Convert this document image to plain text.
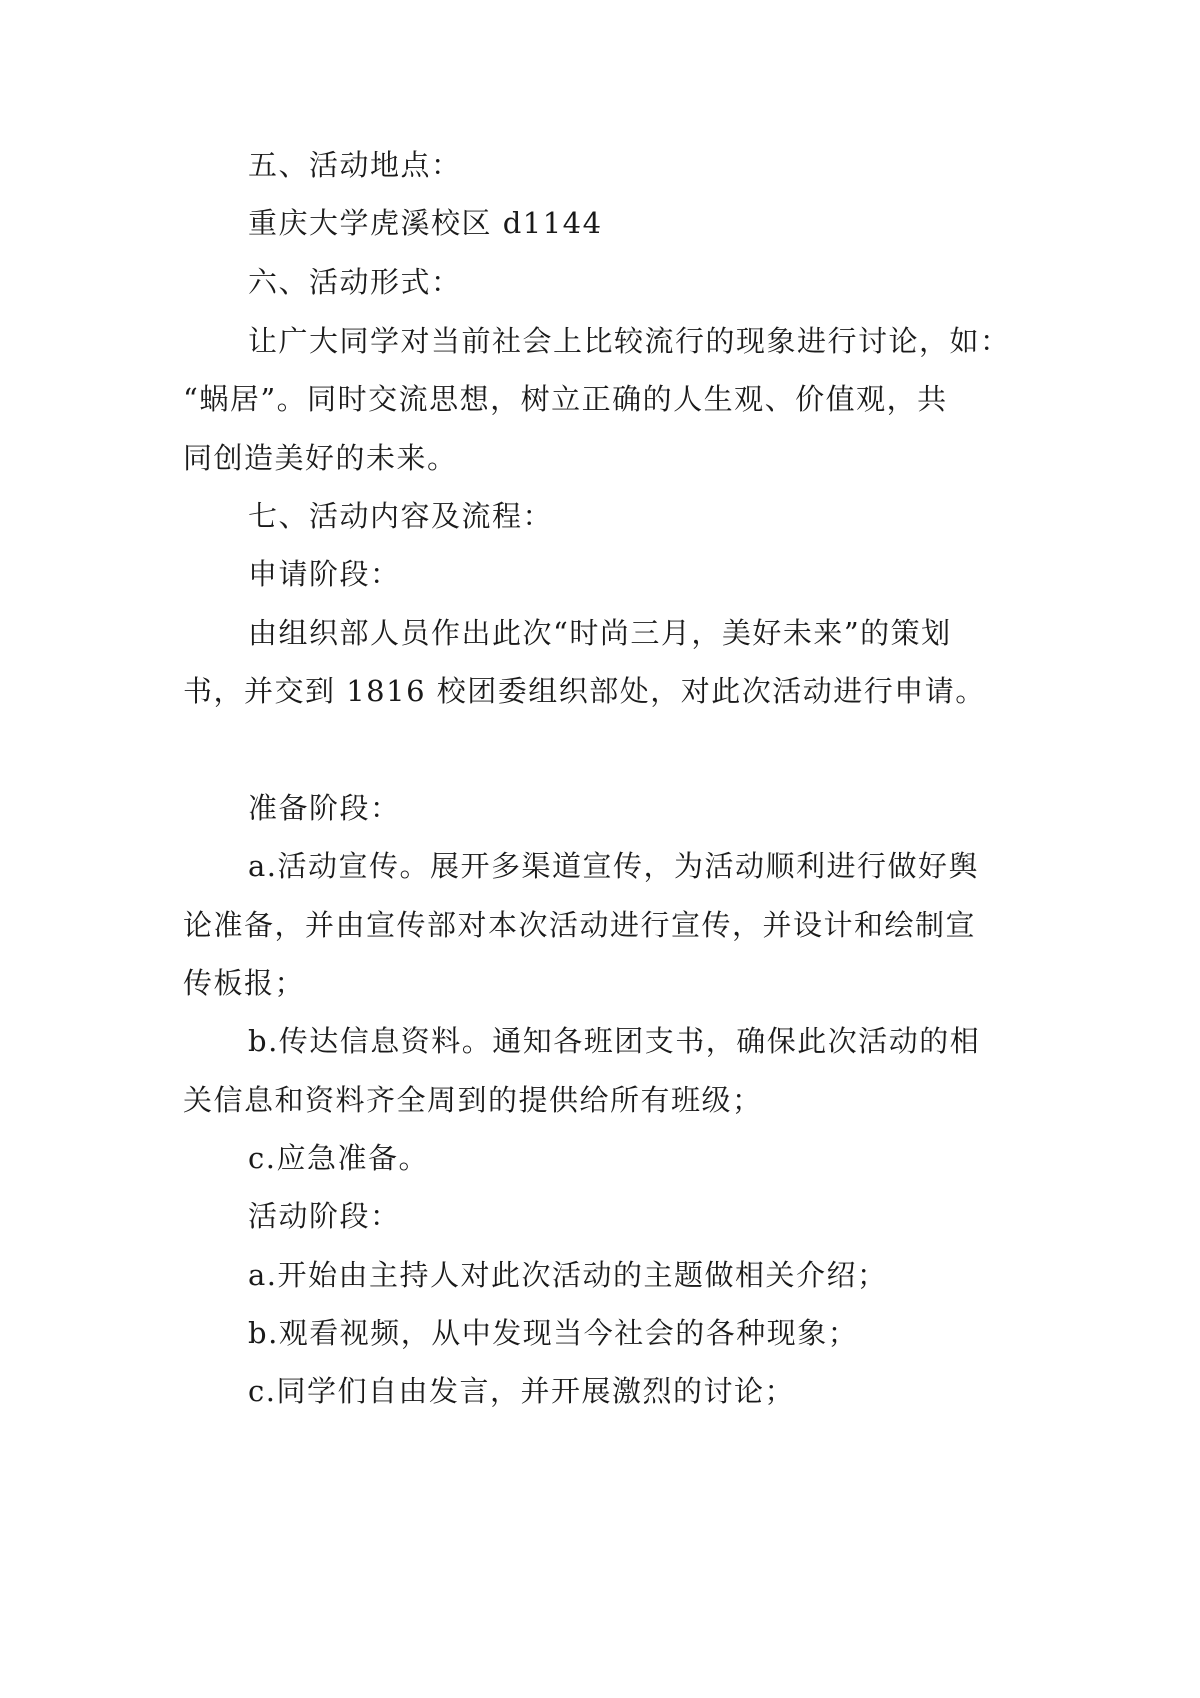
五、活动地点：
重庆大学虎溪校区 d1144
六、活动形式：
让广大同学对当前社会上比较流行的现象进行讨论，如：
“蜗居”。同时交流思想，树立正确的人生观、价值观，共
同创造美好的未来。
七、活动内容及流程：
申请阶段：
由组织部人员作出此次“时尚三月，美好未来”的策划
书，并交到 1816 校团委组织部处，对此次活动进行申请。
准备阶段：
a.活动宣传。展开多渠道宣传，为活动顺利进行做好舆
论准备，并由宣传部对本次活动进行宣传，并设计和绘制宣
传板报；
b.传达信息资料。通知各班团支书，确保此次活动的相
关信息和资料齐全周到的提供给所有班级；
c.应急准备。
活动阶段：
a.开始由主持人对此次活动的主题做相关介绍；
b.观看视频，从中发现当今社会的各种现象；
c.同学们自由发言，并开展激烈的讨论；
